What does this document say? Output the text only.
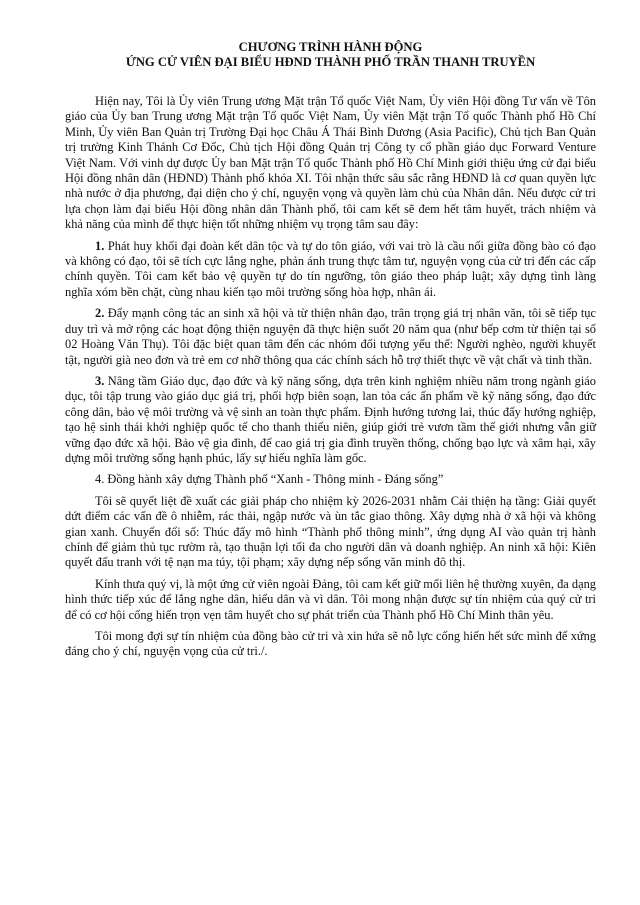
CHƯƠNG TRÌNH HÀNH ĐỘNG

ỨNG CỬ VIÊN ĐẠI BIỂU HĐND THÀNH PHỐ TRẦN THANH TRUYỀN

Hiện nay, Tôi là Ủy viên Trung ương Mặt trận Tổ quốc Việt Nam, Ủy viên Hội đồng Tư vấn về Tôn giáo của Ủy ban Trung ương Mặt trận Tổ quốc Việt Nam, Ủy viên Mặt trận Tổ quốc Thành phố Hồ Chí Minh, Ủy viên Ban Quản trị Trường Đại học Châu Á Thái Bình Dương (Asia Pacific), Chủ tịch Ban Quản trị trường Kinh Thánh Cơ Đốc, Chủ tịch Hội đồng Quản trị Công ty cổ phần giáo dục Forward Venture Việt Nam. Với vinh dự được Ủy ban Mặt trận Tổ quốc Thành phố Hồ Chí Minh giới thiệu ứng cử đại biểu Hội đồng nhân dân (HĐND) Thành phố khóa XI. Tôi nhận thức sâu sắc rằng HĐND là cơ quan quyền lực nhà nước ở địa phương, đại diện cho ý chí, nguyện vọng và quyền làm chủ của Nhân dân. Nếu được cử tri lựa chọn làm đại biểu Hội đồng nhân dân Thành phố, tôi cam kết sẽ đem hết tâm huyết, trách nhiệm và khả năng của mình để thực hiện tốt những nhiệm vụ trọng tâm sau đây:

1. Phát huy khối đại đoàn kết dân tộc và tự do tôn giáo, với vai trò là cầu nối giữa đồng bào có đạo và không có đạo, tôi sẽ tích cực lắng nghe, phản ánh trung thực tâm tư, nguyện vọng của cử tri đến các cấp chính quyền. Tôi cam kết bảo vệ quyền tự do tín ngưỡng, tôn giáo theo pháp luật; xây dựng tình làng nghĩa xóm bền chặt, cùng nhau kiến tạo môi trường sống hòa hợp, nhân ái.

2. Đẩy mạnh công tác an sinh xã hội và từ thiện nhân đạo, trân trọng giá trị nhân văn, tôi sẽ tiếp tục duy trì và mở rộng các hoạt động thiện nguyện đã thực hiện suốt 20 năm qua (như bếp cơm từ thiện tại số 02 Hoàng Văn Thụ). Tôi đặc biệt quan tâm đến các nhóm đối tượng yếu thế: Người nghèo, người khuyết tật, người già neo đơn và trẻ em cơ nhỡ thông qua các chính sách hỗ trợ thiết thực về vật chất và tinh thần.

3. Nâng tầm Giáo dục, đạo đức và kỹ năng sống, dựa trên kinh nghiệm nhiều năm trong ngành giáo dục, tôi tập trung vào giáo dục giá trị, phối hợp biên soạn, lan tỏa các ấn phẩm về kỹ năng sống, đạo đức công dân, bảo vệ môi trường và vệ sinh an toàn thực phẩm. Định hướng tương lai, thúc đẩy hướng nghiệp, tạo hệ sinh thái khởi nghiệp quốc tế cho thanh thiếu niên, giúp giới trẻ vươn tầm thế giới nhưng vẫn giữ vững đạo đức xã hội. Bảo vệ gia đình, để cao giá trị gia đình truyền thống, chống bạo lực và xâm hại, xây dựng môi trường sống hạnh phúc, lấy sự hiếu nghĩa làm gốc.

4. Đồng hành xây dựng Thành phố “Xanh - Thông minh - Đáng sống”

Tôi sẽ quyết liệt đề xuất các giải pháp cho nhiệm kỳ 2026-2031 nhằm Cải thiện hạ tầng: Giải quyết dứt điểm các vấn đề ô nhiễm, rác thải, ngập nước và ùn tắc giao thông. Xây dựng nhà ở xã hội và không gian xanh. Chuyển đổi số: Thúc đẩy mô hình “Thành phố thông minh”, ứng dụng AI vào quản trị hành chính để giảm thủ tục rườm rà, tạo thuận lợi tối đa cho người dân và doanh nghiệp. An ninh xã hội: Kiên quyết đấu tranh với tệ nạn ma túy, tội phạm; xây dựng nếp sống văn minh đô thị.

Kính thưa quý vị, là một ứng cử viên ngoài Đảng, tôi cam kết giữ mối liên hệ thường xuyên, đa dạng hình thức tiếp xúc để lắng nghe dân, hiểu dân và vì dân. Tôi mong nhận được sự tín nhiệm của quý cử tri để có cơ hội cống hiến trọn vẹn tâm huyết cho sự phát triển của Thành phố Hồ Chí Minh thân yêu.

Tôi mong đợi sự tín nhiệm của đồng bào cử tri và xin hứa sẽ nỗ lực cống hiến hết sức mình để xứng đáng cho ý chí, nguyện vọng của cử tri./.
